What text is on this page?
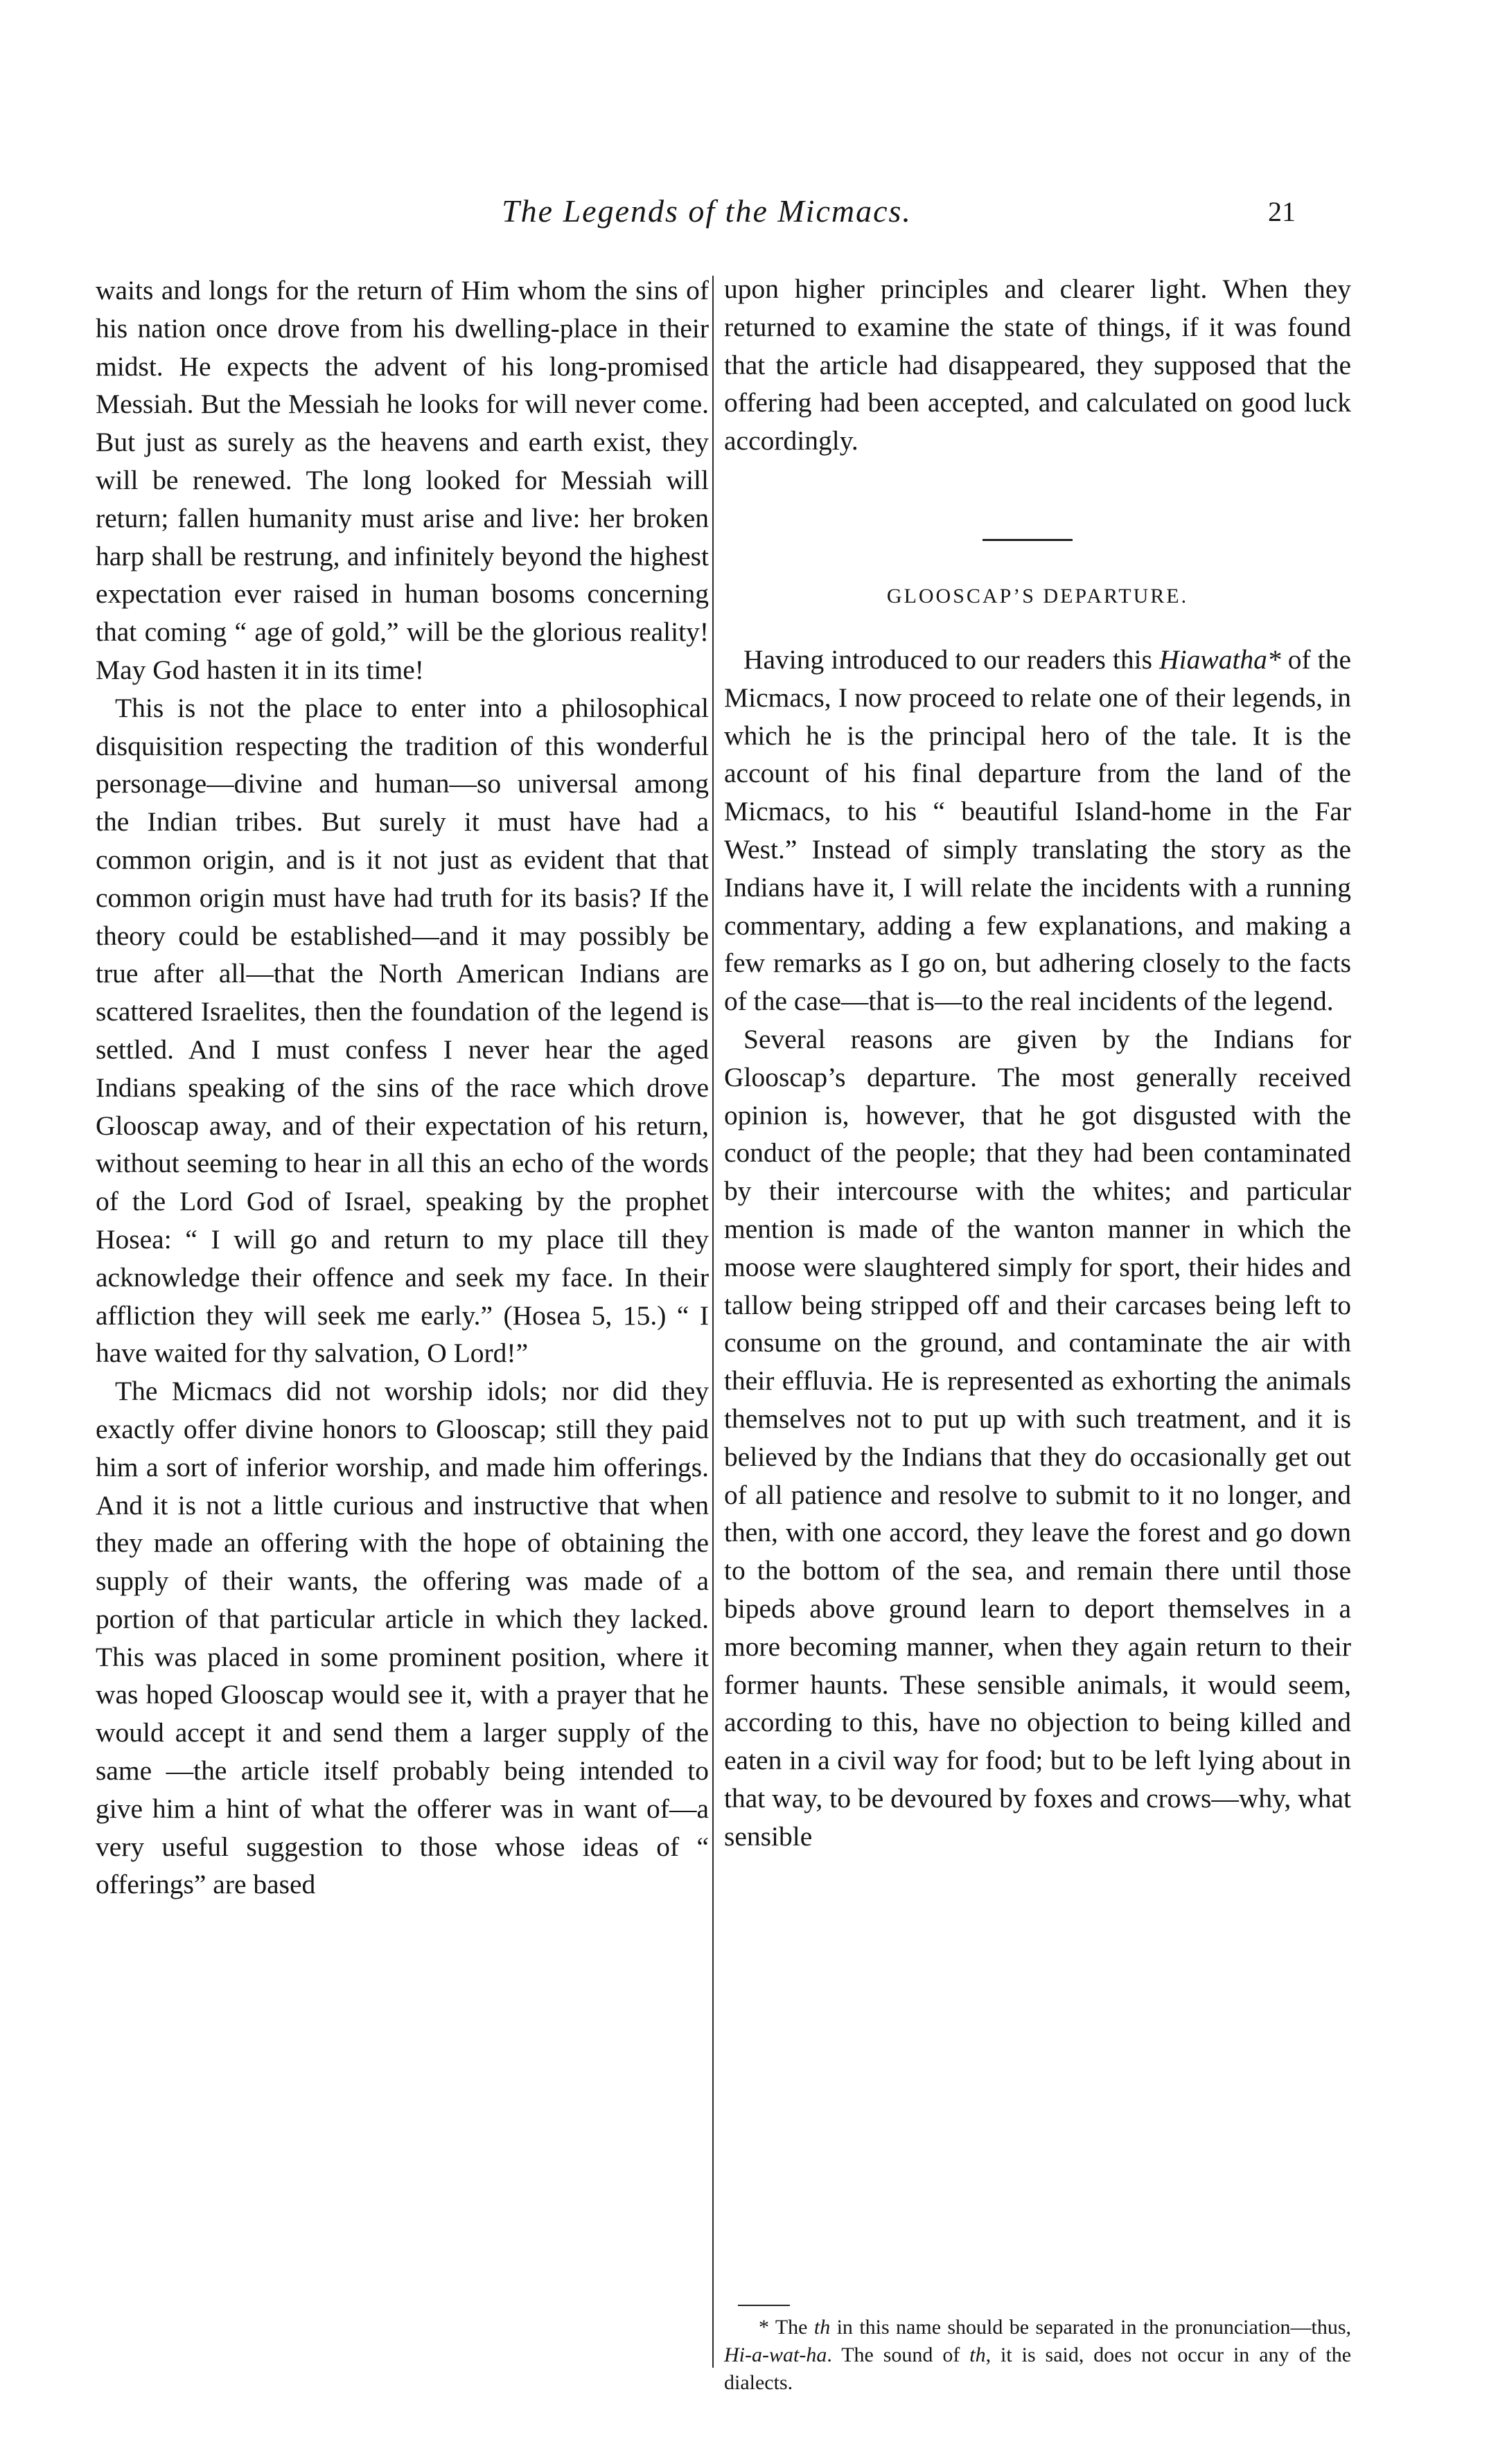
The Legends of the Micmacs.	21

waits and longs for the return of Him whom the sins of his nation once drove from his dwelling-place in their midst. He expects the advent of his long-promised Messiah. But the Messiah he looks for will never come. But just as surely as the heavens and earth exist, they will be renewed. The long looked for Messiah will return; fallen humanity must arise and live: her broken harp shall be restrung, and infinitely beyond the highest expectation ever raised in human bosoms concerning that coming “ age of gold,” will be the glorious reality! May God hasten it in its time!

This is not the place to enter into a philosophical disquisition respecting the tradition of this wonderful personage—divine and human—so universal among the Indian tribes. But surely it must have had a common origin, and is it not just as evident that that common origin must have had truth for its basis? If the theory could be established—and it may possibly be true after all—that the North American Indians are scattered Israelites, then the foundation of the legend is settled. And I must confess I never hear the aged Indians speaking of the sins of the race which drove Glooscap away, and of their expectation of his return, without seeming to hear in all this an echo of the words of the Lord God of Israel, speaking by the prophet Hosea: “ I will go and return to my place till they acknowledge their offence and seek my face. In their affliction they will seek me early.” (Hosea 5, 15.) “ I have waited for thy salvation, O Lord!”

The Micmacs did not worship idols; nor did they exactly offer divine honors to Glooscap; still they paid him a sort of inferior worship, and made him offerings. And it is not a little curious and instructive that when they made an offering with the hope of obtaining the supply of their wants, the offering was made of a portion of that particular article in which they lacked. This was placed in some prominent position, where it was hoped Glooscap would see it, with a prayer that he would accept it and send them a larger supply of the same —the article itself probably being intended to give him a hint of what the offerer was in want of—a very useful suggestion to those whose ideas of “ offerings” are based

upon higher principles and clearer light. When they returned to examine the state of things, if it was found that the article had disappeared, they supposed that the offering had been accepted, and calculated on good luck accordingly.

GLOOSCAP’S DEPARTURE.

Having introduced to our readers this Hiawatha* of the Micmacs, I now proceed to relate one of their legends, in which he is the principal hero of the tale. It is the account of his final departure from the land of the Micmacs, to his “ beautiful Island-home in the Far West.” Instead of simply translating the story as the Indians have it, I will relate the incidents with a running commentary, adding a few explanations, and making a few remarks as I go on, but adhering closely to the facts of the case—that is—to the real incidents of the legend.

Several reasons are given by the Indians for Glooscap’s departure. The most generally received opinion is, however, that he got disgusted with the conduct of the people; that they had been contaminated by their intercourse with the whites; and particular mention is made of the wanton manner in which the moose were slaughtered simply for sport, their hides and tallow being stripped off and their carcases being left to consume on the ground, and contaminate the air with their effluvia. He is represented as exhorting the animals themselves not to put up with such treatment, and it is believed by the Indians that they do occasionally get out of all patience and resolve to submit to it no longer, and then, with one accord, they leave the forest and go down to the bottom of the sea, and remain there until those bipeds above ground learn to deport themselves in a more becoming manner, when they again return to their former haunts. These sensible animals, it would seem, according to this, have no objection to being killed and eaten in a civil way for food; but to be left lying about in that way, to be devoured by foxes and crows—why, what sensible

* The th in this name should be separated in the pronunciation—thus, Hi-a-wat-ha. The sound of th, it is said, does not occur in any of the dialects.
